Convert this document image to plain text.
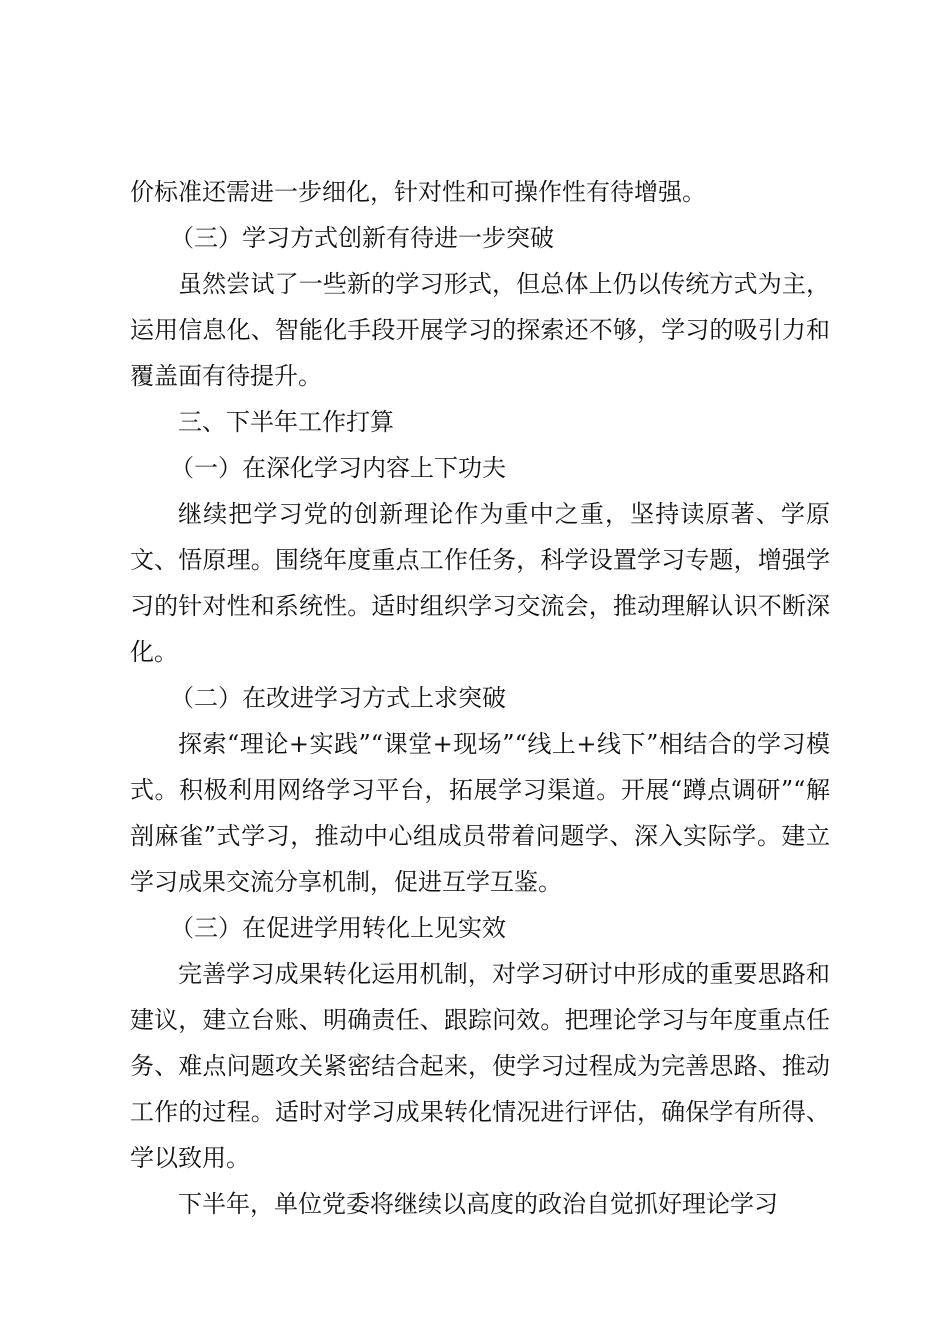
价标准还需进一步细化，针对性和可操作性有待增强。

（三）学习方式创新有待进一步突破

虽然尝试了一些新的学习形式，但总体上仍以传统方式为主，运用信息化、智能化手段开展学习的探索还不够，学习的吸引力和覆盖面有待提升。

三、下半年工作打算

（一）在深化学习内容上下功夫

继续把学习党的创新理论作为重中之重，坚持读原著、学原文、悟原理。围绕年度重点工作任务，科学设置学习专题，增强学习的针对性和系统性。适时组织学习交流会，推动理解认识不断深化。

（二）在改进学习方式上求突破

探索“理论+实践”“课堂+现场”“线上+线下”相结合的学习模式。积极利用网络学习平台，拓展学习渠道。开展“蹲点调研”“解剖麻雀”式学习，推动中心组成员带着问题学、深入实际学。建立学习成果交流分享机制，促进互学互鉴。

（三）在促进学用转化上见实效

完善学习成果转化运用机制，对学习研讨中形成的重要思路和建议，建立台账、明确责任、跟踪问效。把理论学习与年度重点任务、难点问题攻关紧密结合起来，使学习过程成为完善思路、推动工作的过程。适时对学习成果转化情况进行评估，确保学有所得、学以致用。

下半年，单位党委将继续以高度的政治自觉抓好理论学习
